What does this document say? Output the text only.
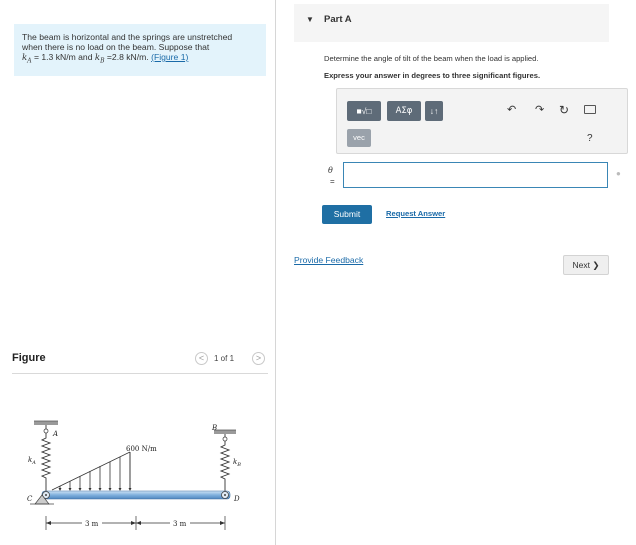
The beam is horizontal and the springs are unstretched
when there is no load on the beam. Suppose that
$k_A = 1.3$ kN/m and $k_B =2.8$ kN/m. (Figure 1)
Figure	<	1 of 1	>
A
B
C	D
$k_A$	$k_B$
600 N/m
3 m	3 m
▼ Part A
Determine the angle of tilt of the beam when the load is applied.
Express your answer in degrees to three significant figures.
■√□	ΑΣφ	↓↑
vec
↶ ↷ ↻
?
θ
=
●
Submit	Request Answer
Provide Feedback	Next ❯
